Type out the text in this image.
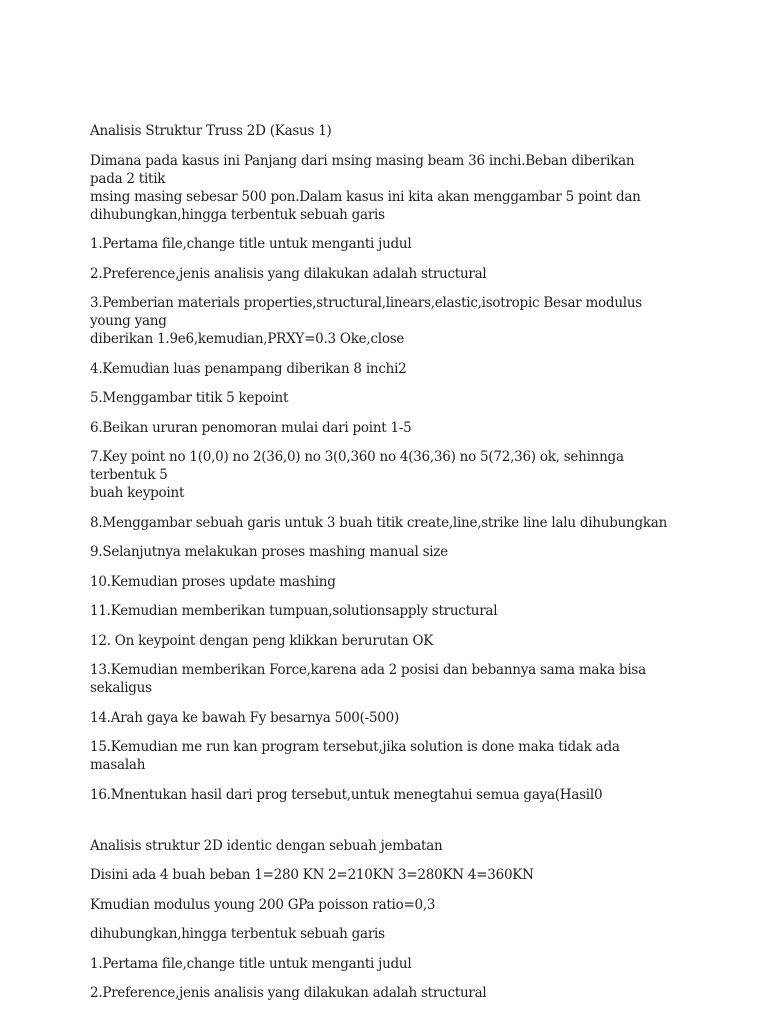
Analisis Struktur Truss 2D (Kasus 1)

Dimana pada kasus ini Panjang dari msing masing beam 36 inchi.Beban diberikan pada 2 titik
msing masing sebesar 500 pon.Dalam kasus ini kita akan menggambar 5 point dan
dihubungkan,hingga terbentuk sebuah garis

1.Pertama file,change title untuk menganti judul

2.Preference,jenis analisis yang dilakukan adalah structural

3.Pemberian materials properties,structural,linears,elastic,isotropic Besar modulus young yang
diberikan 1.9e6,kemudian,PRXY=0.3 Oke,close

4.Kemudian luas penampang diberikan 8 inchi2

5.Menggambar titik 5 kepoint

6.Beikan ururan penomoran mulai dari point 1-5

7.Key point no 1(0,0) no 2(36,0) no 3(0,360 no 4(36,36) no 5(72,36) ok, sehinnga terbentuk 5
buah keypoint

8.Menggambar sebuah garis untuk 3 buah titik create,line,strike line lalu dihubungkan

9.Selanjutnya melakukan proses mashing manual size

10.Kemudian proses update mashing

11.Kemudian memberikan tumpuan,solutionsapply structural

12. On keypoint dengan peng klikkan berurutan OK

13.Kemudian memberikan Force,karena ada 2 posisi dan bebannya sama maka bisa sekaligus

14.Arah gaya ke bawah Fy besarnya 500(-500)

15.Kemudian me run kan program tersebut,jika solution is done maka tidak ada masalah

16.Mnentukan hasil dari prog tersebut,untuk menegtahui semua gaya(Hasil0

Analisis struktur 2D identic dengan sebuah jembatan

Disini ada 4 buah beban 1=280 KN 2=210KN 3=280KN 4=360KN

Kmudian modulus young 200 GPa poisson ratio=0,3

dihubungkan,hingga terbentuk sebuah garis

1.Pertama file,change title untuk menganti judul

2.Preference,jenis analisis yang dilakukan adalah structural
